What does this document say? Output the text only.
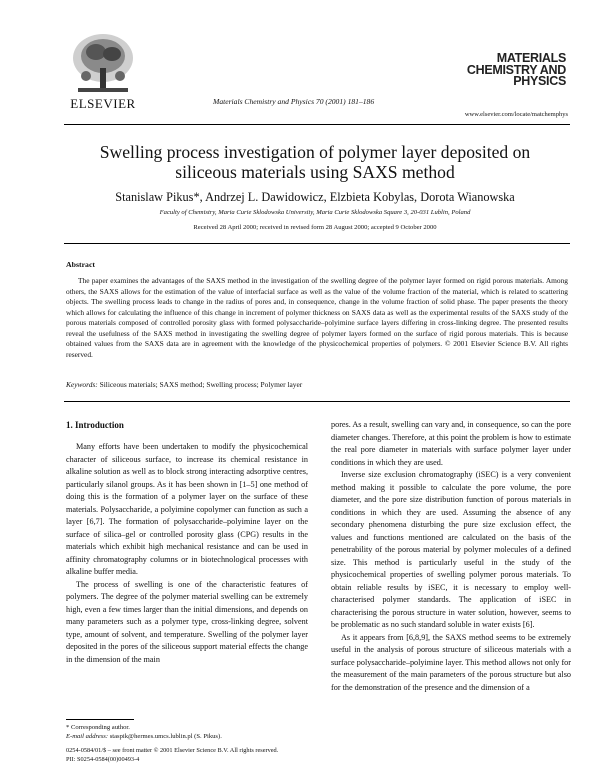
ELSEVIER	Materials Chemistry and Physics 70 (2001) 181–186
MATERIALS
CHEMISTRY AND
PHYSICS
www.elsevier.com/locate/matchemphys
Swelling process investigation of polymer layer deposited on
siliceous materials using SAXS method
Stanislaw Pikus*, Andrzej L. Dawidowicz, Elzbieta Kobylas, Dorota Wianowska
Faculty of Chemistry, Maria Curie Sklodowska University, Maria Curie Sklodowska Square 3, 20-031 Lublin, Poland
Received 28 April 2000; received in revised form 28 August 2000; accepted 9 October 2000
Abstract
The paper examines the advantages of the SAXS method in the investigation of the swelling degree of the polymer layer formed on rigid porous materials. Among others, the SAXS allows for the estimation of the value of interfacial surface as well as the value of the volume fraction of the material, which is related to scattering objects. The swelling process leads to change in the radius of pores and, in consequence, change in the volume fraction of solid phase. The paper presents the theory which allows for calculating the influence of this change in increment of polymer thickness on SAXS data as well as the experimental results of the SAXS study of the porous materials composed of controlled porosity glass with formed polysaccharide–polyimine surface layers differing in cross-linking degree. The presented results reveal the usefulness of the SAXS method in investigating the swelling degree of polymer layers formed on the surface of rigid porous materials. This is because obtained values from the SAXS data are in agreement with the knowledge of the physicochemical properties of polymers. © 2001 Elsevier Science B.V. All rights reserved.
Keywords: Siliceous materials; SAXS method; Swelling process; Polymer layer
1. Introduction

Many efforts have been undertaken to modify the physicochemical character of siliceous surface, to increase its chemical resistance in alkaline solution as well as to block strong interacting adsorptive centres, particularly silanol groups. As it has been shown in [1–5] one method of doing this is the formation of a polymer layer on the surface of these materials. Polysaccharide, a polyimine copolymer can function as such a layer [6,7]. The formation of polysaccharide–polyimine layer on the surface of silica–gel or controlled porosity glass (CPG) results in the materials which exhibit high mechanical resistance and can be used in affinity chromatography columns or in biotechnological processes with alkaline buffer media.

The process of swelling is one of the characteristic features of polymers. The degree of the polymer material swelling can be extremely high, even a few times larger than the initial dimensions, and depends on many parameters such as a polymer type, cross-linking degree, solvent type, amount of solvent, and temperature. Swelling of the polymer layer deposited in the pores of the siliceous support material effects the change in the dimension of the main

pores. As a result, swelling can vary and, in consequence, so can the pore diameter changes. Therefore, at this point the problem is how to estimate the real pore diameter in materials with surface polymer layer under conditions in which they are used.

Inverse size exclusion chromatography (iSEC) is a very convenient method making it possible to calculate the pore volume, the pore diameter, and the pore size distribution function of porous materials in conditions in which they are used. Assuming the absence of any secondary phenomena disturbing the pure size exclusion effect, the values and functions mentioned are calculated on the basis of the penetrability of the porous material by polymer molecules of a defined size. This method is particularly useful in the study of the physicochemical properties of swelling polymer porous materials. To obtain reliable results by iSEC, it is necessary to employ well-characterised polymer standards. The application of iSEC in characterising the porous structure in water solution, however, seems to be problematic as no such standard soluble in water exists [6].

As it appears from [6,8,9], the SAXS method seems to be extremely useful in the analysis of porous structure of siliceous materials with a surface polysaccharide–polyimine layer. This method allows not only for the measurement of the main parameters of the porous structure but also for the demonstration of the presence and the dimension of a

* Corresponding author.
E-mail address: staspik@hermes.umcs.lublin.pl (S. Pikus).
0254-0584/01/$ – see front matter © 2001 Elsevier Science B.V. All rights reserved.
PII: S0254-0584(00)00493-4
